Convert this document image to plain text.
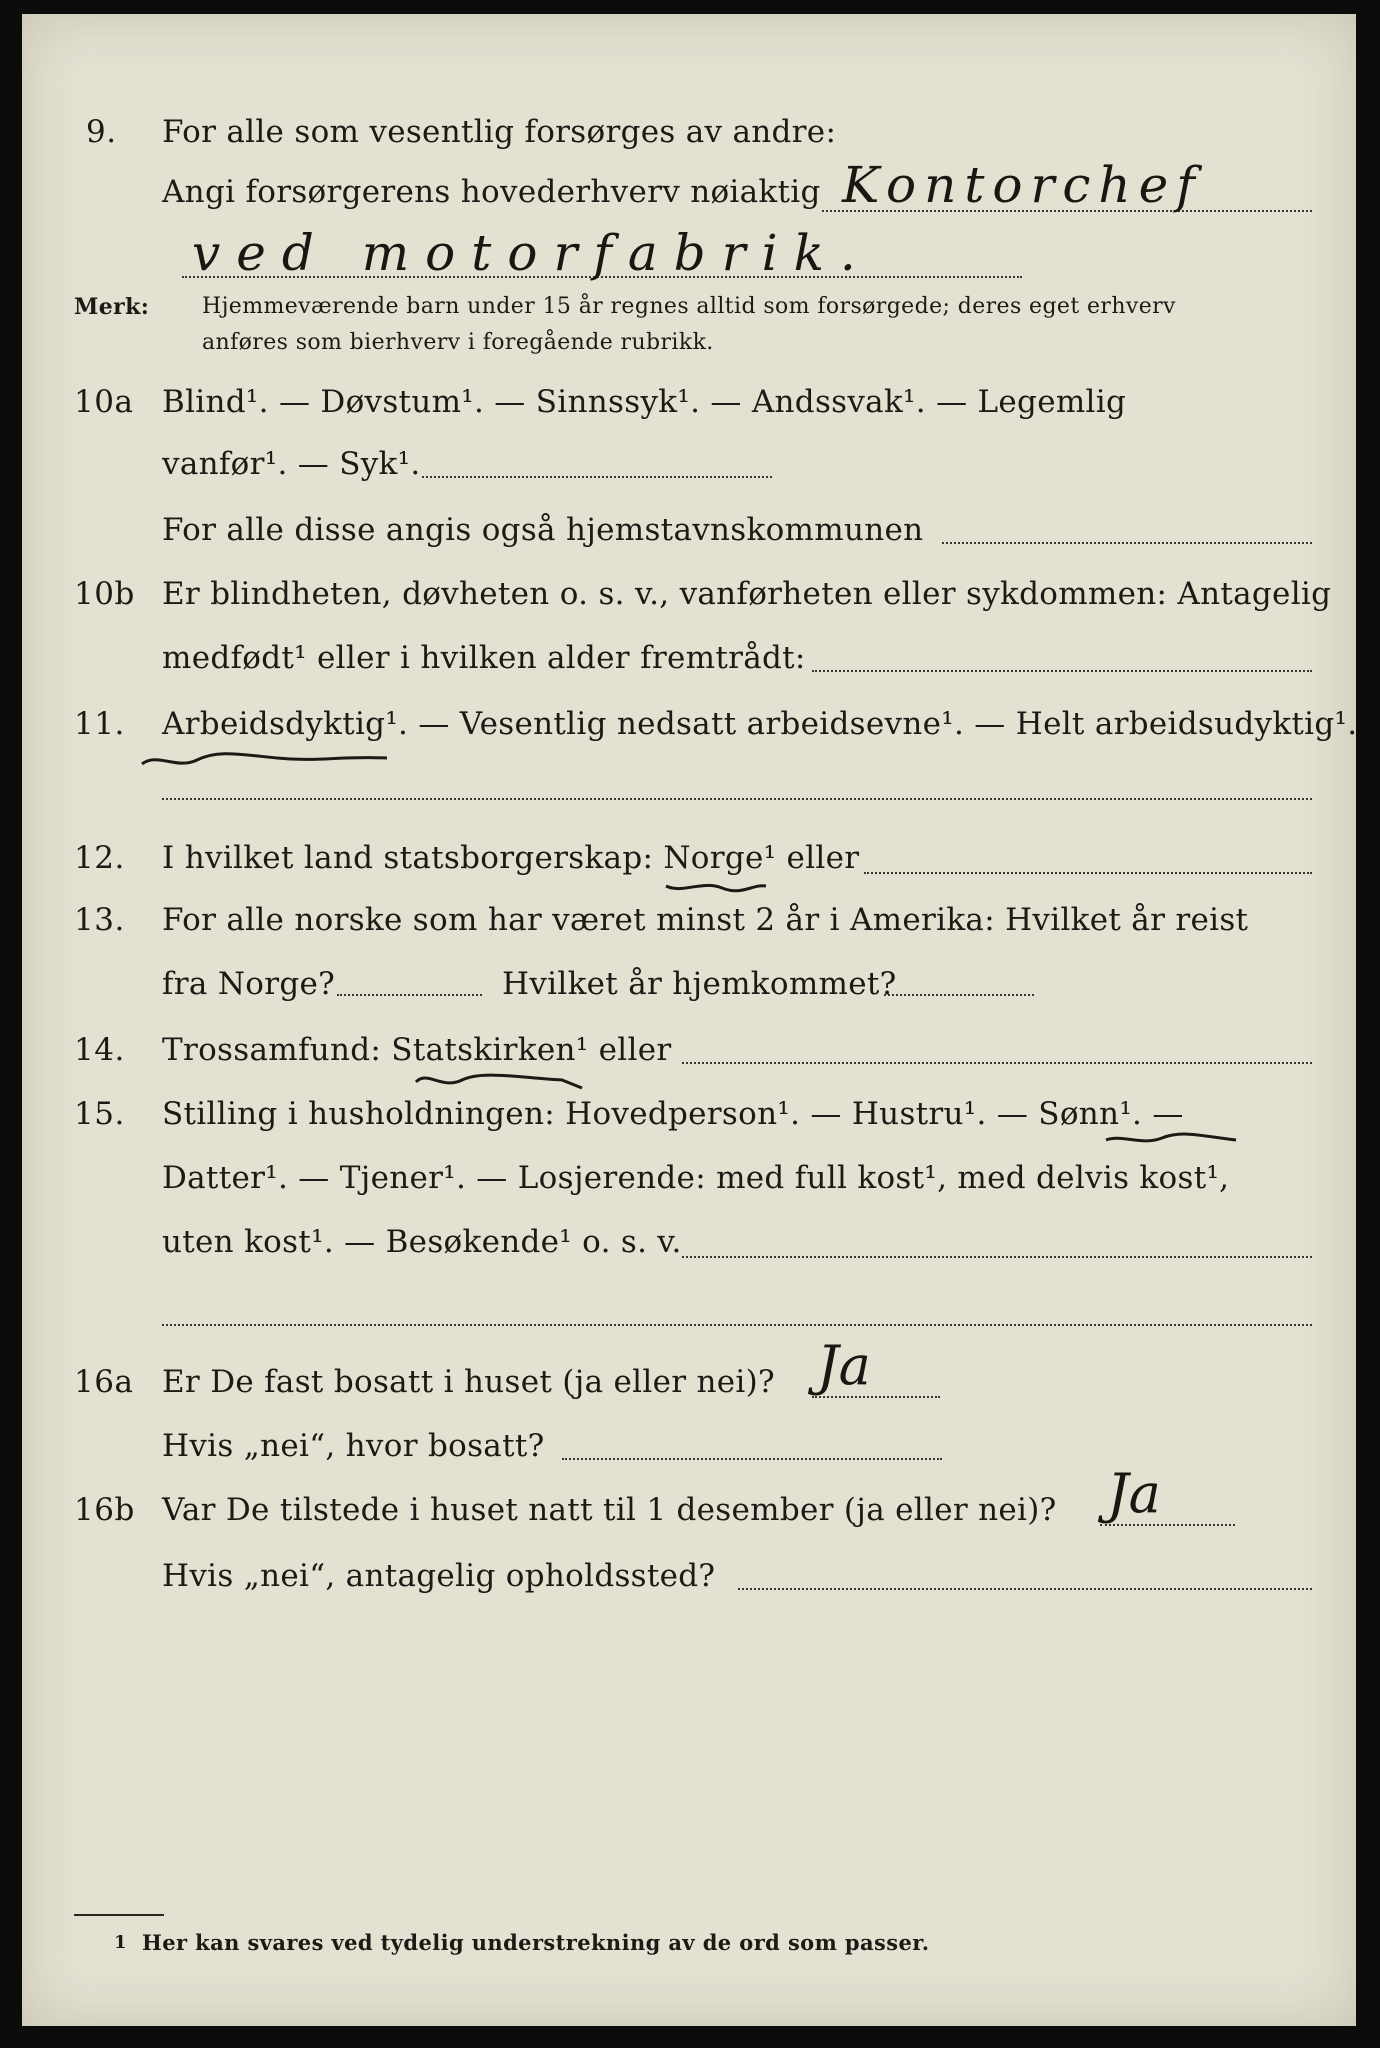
9. For alle som vesentlig forsørges av andre:
Angi forsørgerens hovederhverv nøiaktig Kontorchef
ved motorfabrik.
Merk: Hjemmeværende barn under 15 år regnes alltid som forsørgede; deres eget erhverv
anføres som bierhverv i foregående rubrikk.
10a Blind¹. — Døvstum¹. — Sinnssyk¹. — Andssvak¹. — Legemlig
vanfør¹. — Syk¹.
For alle disse angis også hjemstavnskommunen
10b Er blindheten, døvheten o. s. v., vanførheten eller sykdommen: Antagelig
medfødt¹ eller i hvilken alder fremtrådt:
11. Arbeidsdyktig¹. — Vesentlig nedsatt arbeidsevne¹. — Helt arbeidsudyktig¹.
12. I hvilket land statsborgerskap: Norge¹ eller
13. For alle norske som har været minst 2 år i Amerika: Hvilket år reist
fra Norge?	Hvilket år hjemkommet?
14. Trossamfund: Statskirken¹ eller
15. Stilling i husholdningen: Hovedperson¹. — Hustru¹. — Sønn¹. —
Datter¹. — Tjener¹. — Losjerende: med full kost¹, med delvis kost¹,
uten kost¹. — Besøkende¹ o. s. v.
16a Er De fast bosatt i huset (ja eller nei)? Ja
Hvis „nei“, hvor bosatt?
16b Var De tilstede i huset natt til 1 desember (ja eller nei)? Ja
Hvis „nei“, antagelig opholdssted?
1 Her kan svares ved tydelig understrekning av de ord som passer.
